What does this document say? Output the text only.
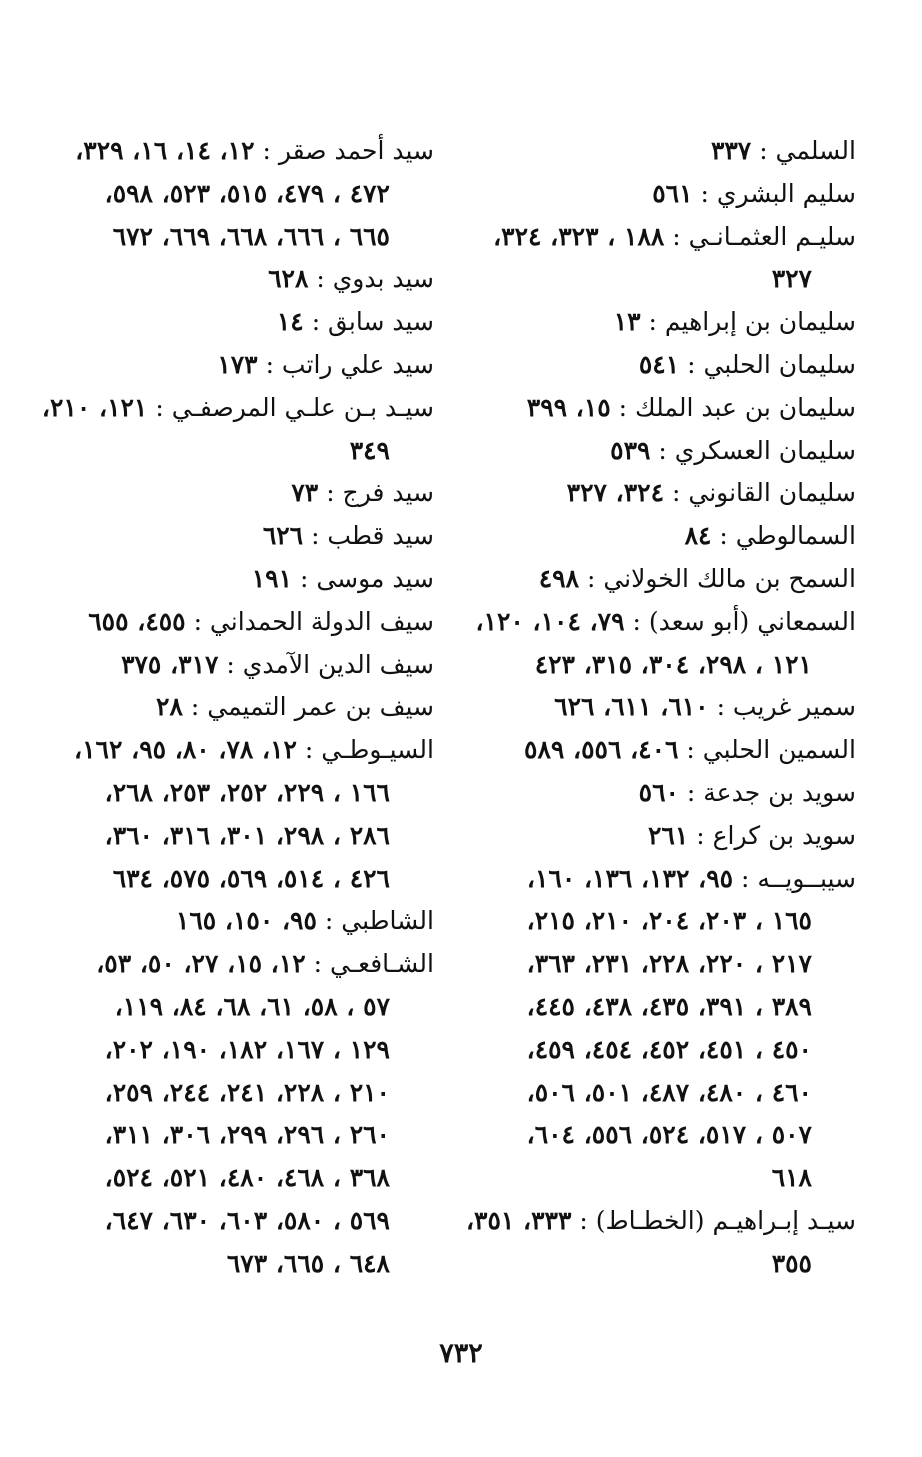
السلمي : ٣٣٧
سليم البشري : ٥٦١
سليـم العثمـانـي : ١٨٨ ، ٣٢٣، ٣٢٤،
٣٢٧
سليمان بن إبراهيم : ١٣
سليمان الحلبي : ٥٤١
سليمان بن عبد الملك : ١٥، ٣٩٩
سليمان العسكري : ٥٣٩
سليمان القانوني : ٣٢٤، ٣٢٧
السمالوطي : ٨٤
السمح بن مالك الخولاني : ٤٩٨
السمعاني (أبو سعد) : ٧٩، ١٠٤، ١٢٠،
١٢١ ، ٢٩٨، ٣٠٤، ٣١٥، ٤٢٣
سمير غريب : ٦١٠، ٦١١، ٦٢٦
السمين الحلبي : ٤٠٦، ٥٥٦، ٥٨٩
سويد بن جدعة : ٥٦٠
سويد بن كراع : ٢٦١
سيبــويــه : ٩٥، ١٣٢، ١٣٦، ١٦٠،
١٦٥ ، ٢٠٣، ٢٠٤، ٢١٠، ٢١٥،
٢١٧ ، ٢٢٠، ٢٢٨، ٢٣١، ٣٦٣،
٣٨٩ ، ٣٩١، ٤٣٥، ٤٣٨، ٤٤٥،
٤٥٠ ، ٤٥١، ٤٥٢، ٤٥٤، ٤٥٩،
٤٦٠ ، ٤٨٠، ٤٨٧، ٥٠١، ٥٠٦،
٥٠٧ ، ٥١٧، ٥٢٤، ٥٥٦، ٦٠٤،
٦١٨
سيـد إبـراهيـم (الخطـاط) : ٣٣٣، ٣٥١،
٣٥٥
سيد أحمد صقر : ١٢، ١٤، ١٦، ٣٢٩،
٤٧٢ ، ٤٧٩، ٥١٥، ٥٢٣، ٥٩٨،
٦٦٥ ، ٦٦٦، ٦٦٨، ٦٦٩، ٦٧٢
سيد بدوي : ٦٢٨
سيد سابق : ١٤
سيد علي راتب : ١٧٣
سيـد بـن علـي المرصفـي : ١٢١، ٢١٠،
٣٤٩
سيد فرج : ٧٣
سيد قطب : ٦٢٦
سيد موسى : ١٩١
سيف الدولة الحمداني : ٤٥٥، ٦٥٥
سيف الدين الآمدي : ٣١٧، ٣٧٥
سيف بن عمر التميمي : ٢٨
السيـوطـي : ١٢، ٧٨، ٨٠، ٩٥، ١٦٢،
١٦٦ ، ٢٢٩، ٢٥٢، ٢٥٣، ٢٦٨،
٢٨٦ ، ٢٩٨، ٣٠١، ٣١٦، ٣٦٠،
٤٢٦ ، ٥١٤، ٥٦٩، ٥٧٥، ٦٣٤
الشاطبي : ٩٥، ١٥٠، ١٦٥
الشـافعـي : ١٢، ١٥، ٢٧، ٥٠، ٥٣،
٥٧ ، ٥٨، ٦١، ٦٨، ٨٤، ١١٩،
١٢٩ ، ١٦٧، ١٨٢، ١٩٠، ٢٠٢،
٢١٠ ، ٢٢٨، ٢٤١، ٢٤٤، ٢٥٩،
٢٦٠ ، ٢٩٦، ٢٩٩، ٣٠٦، ٣١١،
٣٦٨ ، ٤٦٨، ٤٨٠، ٥٢١، ٥٢٤،
٥٦٩ ، ٥٨٠، ٦٠٣، ٦٣٠، ٦٤٧،
٦٤٨ ، ٦٦٥، ٦٧٣
٧٣٢
